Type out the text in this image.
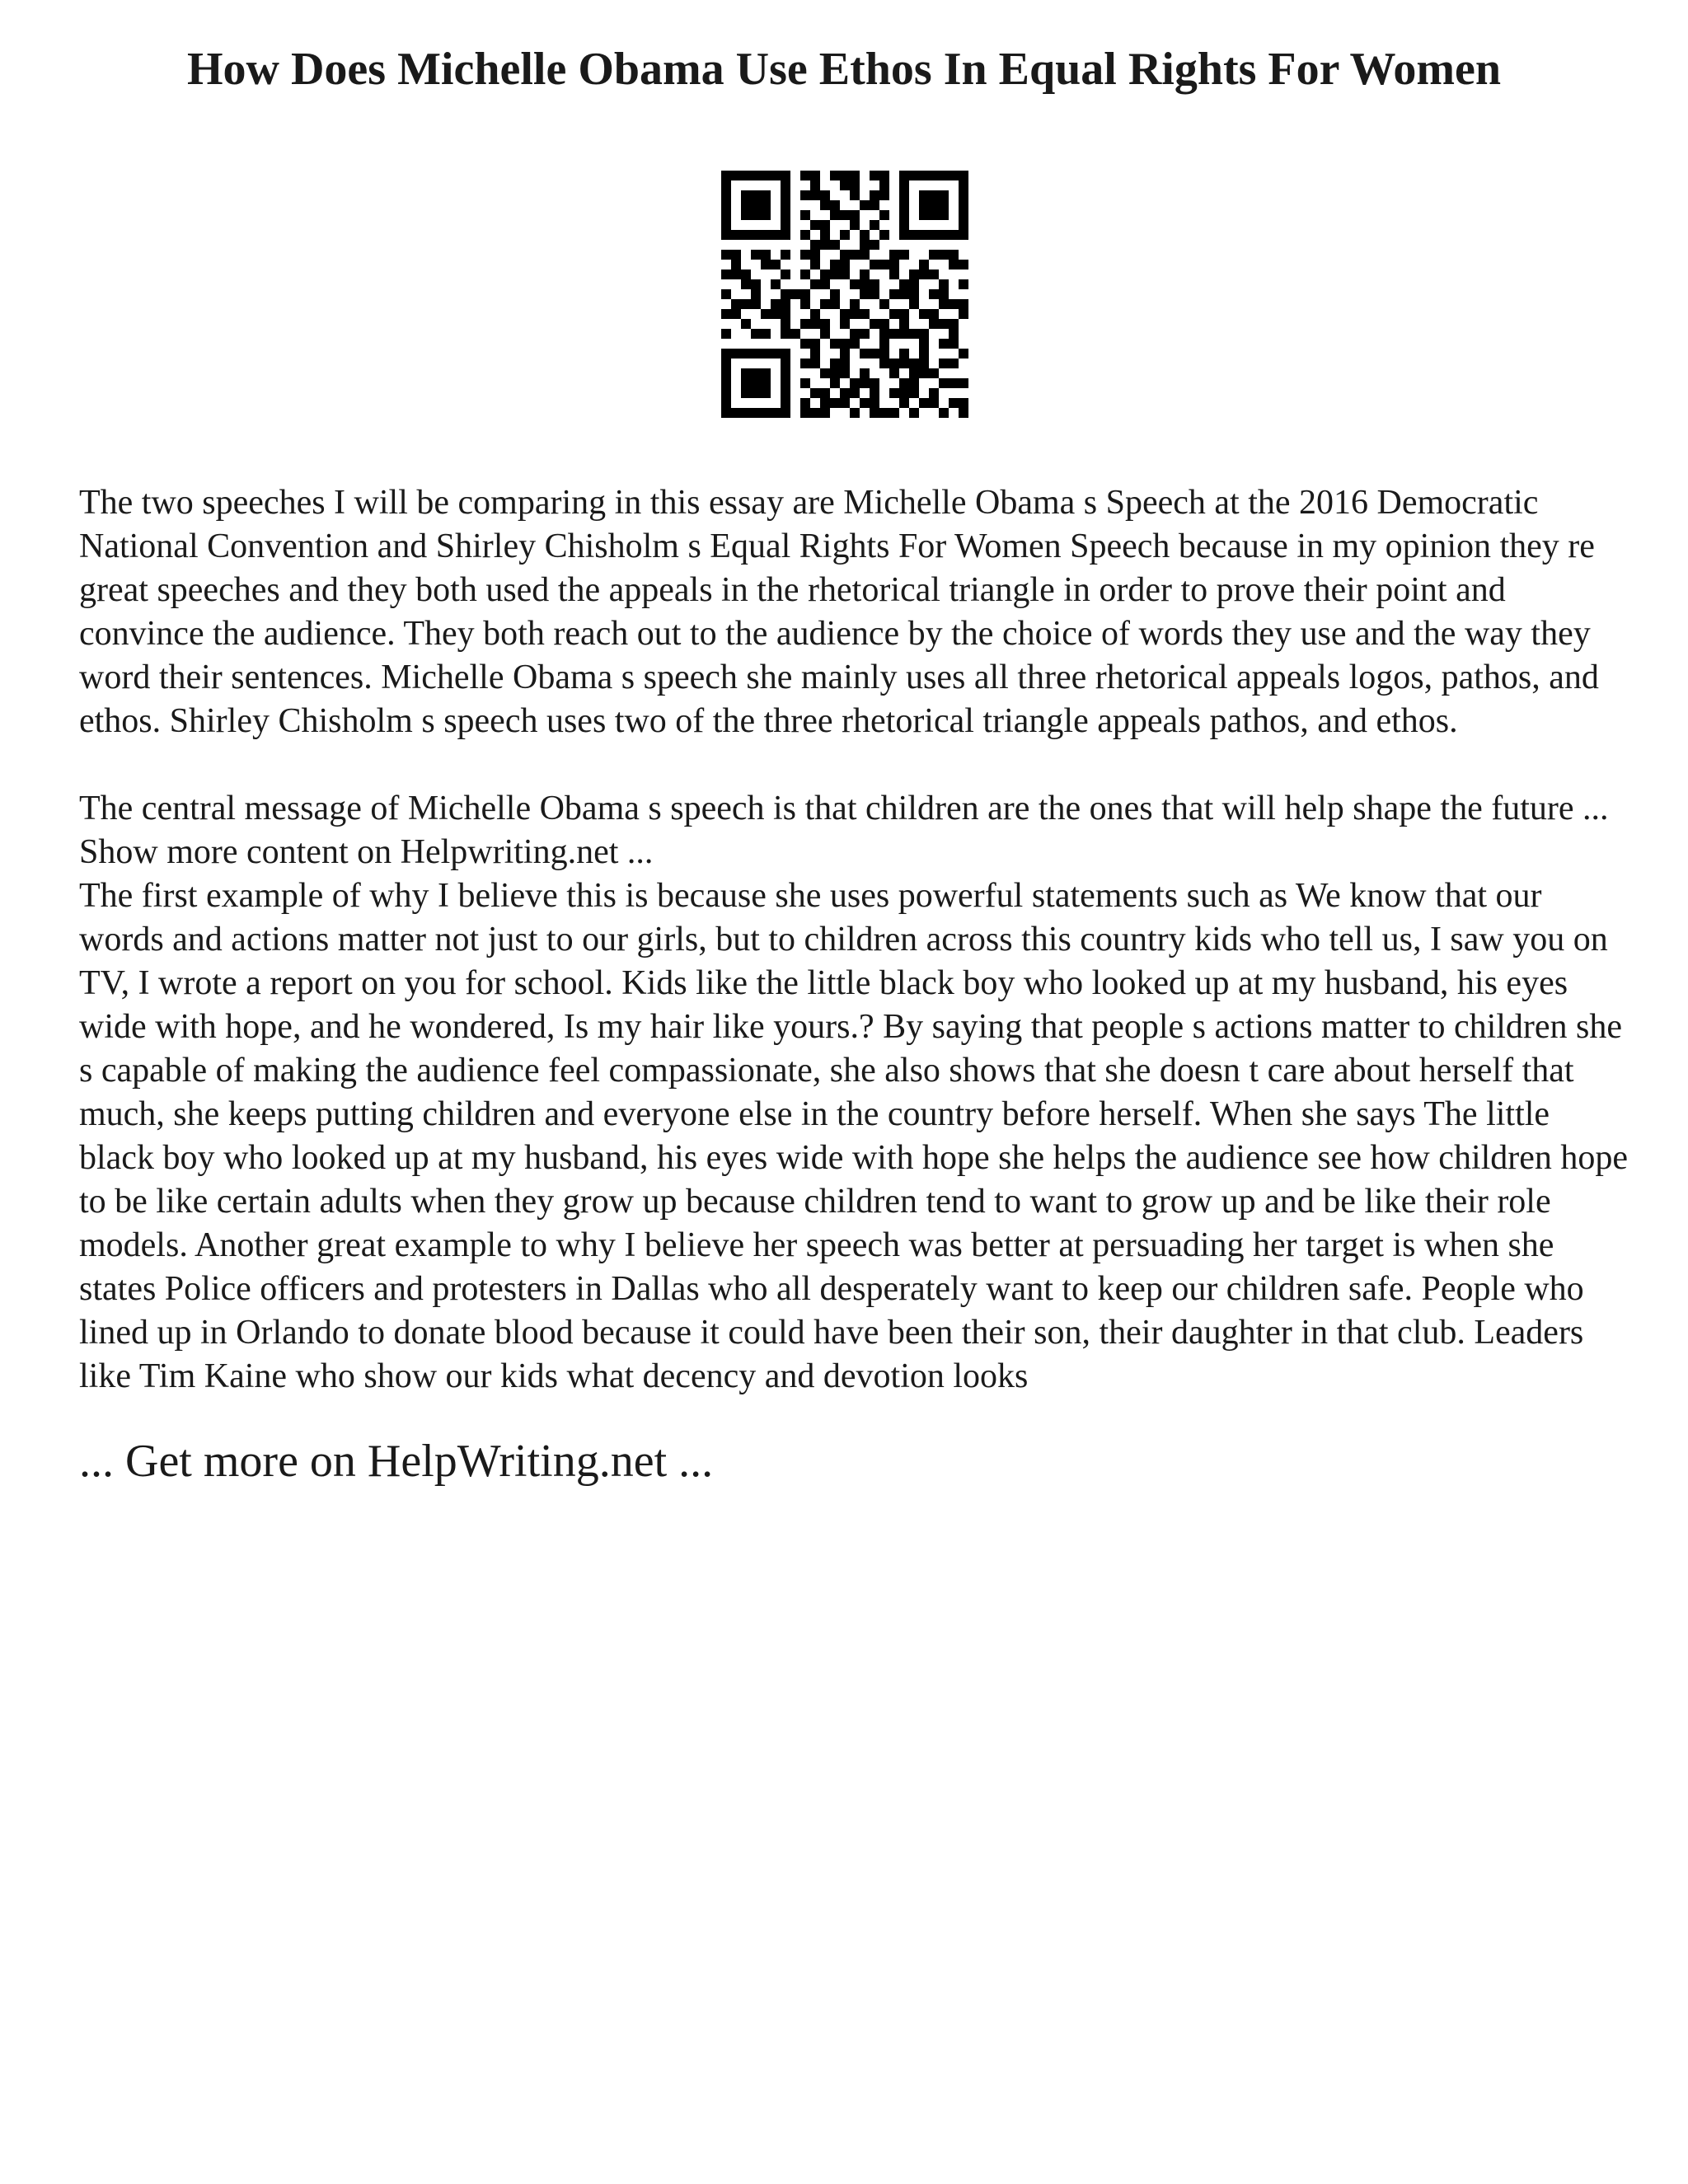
How Does Michelle Obama Use Ethos In Equal Rights For Women

The two speeches I will be comparing in this essay are Michelle Obama s Speech at the 2016 Democratic National Convention and Shirley Chisholm s Equal Rights For Women Speech because in my opinion they re great speeches and they both used the appeals in the rhetorical triangle in order to prove their point and convince the audience. They both reach out to the audience by the choice of words they use and the way they word their sentences. Michelle Obama s speech she mainly uses all three rhetorical appeals logos, pathos, and ethos. Shirley Chisholm s speech uses two of the three rhetorical triangle appeals pathos, and ethos.

The central message of Michelle Obama s speech is that children are the ones that will help shape the future ... Show more content on Helpwriting.net ...

The first example of why I believe this is because she uses powerful statements such as We know that our words and actions matter not just to our girls, but to children across this country kids who tell us, I saw you on TV, I wrote a report on you for school. Kids like the little black boy who looked up at my husband, his eyes wide with hope, and he wondered, Is my hair like yours.? By saying that people s actions matter to children she s capable of making the audience feel compassionate, she also shows that she doesn t care about herself that much, she keeps putting children and everyone else in the country before herself. When she says The little black boy who looked up at my husband, his eyes wide with hope she helps the audience see how children hope to be like certain adults when they grow up because children tend to want to grow up and be like their role models. Another great example to why I believe her speech was better at persuading her target is when she states Police officers and protesters in Dallas who all desperately want to keep our children safe. People who lined up in Orlando to donate blood because it could have been their son, their daughter in that club. Leaders like Tim Kaine who show our kids what decency and devotion looks

... Get more on HelpWriting.net ...
